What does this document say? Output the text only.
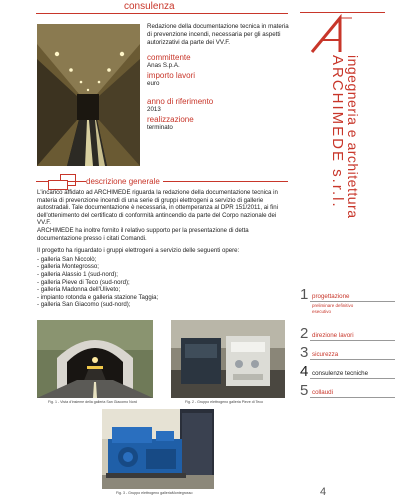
consulenza

Redazione della documentazione tecnica in materia di prevenzione incendi, necessaria per gli aspetti autorizzativi da parte dei VV.F.

committente
Anas S.p.A.
importo lavori
euro
anno di riferimento
2013
realizzazione
terminato
descrizione generale

L'incarico affidato ad ARCHIMEDE riguarda la redazione della documentazione tecnica in materia di prevenzione incendi di una serie di gruppi elettrogeni a servizio di gallerie autostradali. Tale documentazione è necessaria, in ottemperanza al DPR 151/2011, ai fini dell'ottenimento del certificato di conformità antincendio da parte del Corpo nazionale dei VV.F.

ARCHIMEDE ha inoltre fornito il relativo supporto per la presentazione di detta documentazione presso i citati Comandi.

Il progetto ha riguardato i gruppi elettrogeni a servizio delle seguenti opere:

- galleria San Niccolò;
- galleria Montegrosso;
- galleria Alassio 1 (sud-nord);
- galleria Pieve di Teco (sud-nord);
- galleria Madonna dell'Uliveto;
- impianto rotonda e galleria stazione Taggia;
- galleria San Giacomo (sud-nord);
Fig. 1 - Vista d'insieme della galleria San Giacomo Nord	Fig. 2 - Gruppo elettrogeno galleria Pieve di Teco
Fig. 3 - Gruppo elettrogeno galleriaMontegrosso
ARCHIMEDE s.r.l. ingegneria e architettura
1 progettazione
preliminare definitivo esecutivo
2 direzione lavori
3 sicurezza
4 consulenze tecniche
5 collaudi
4
